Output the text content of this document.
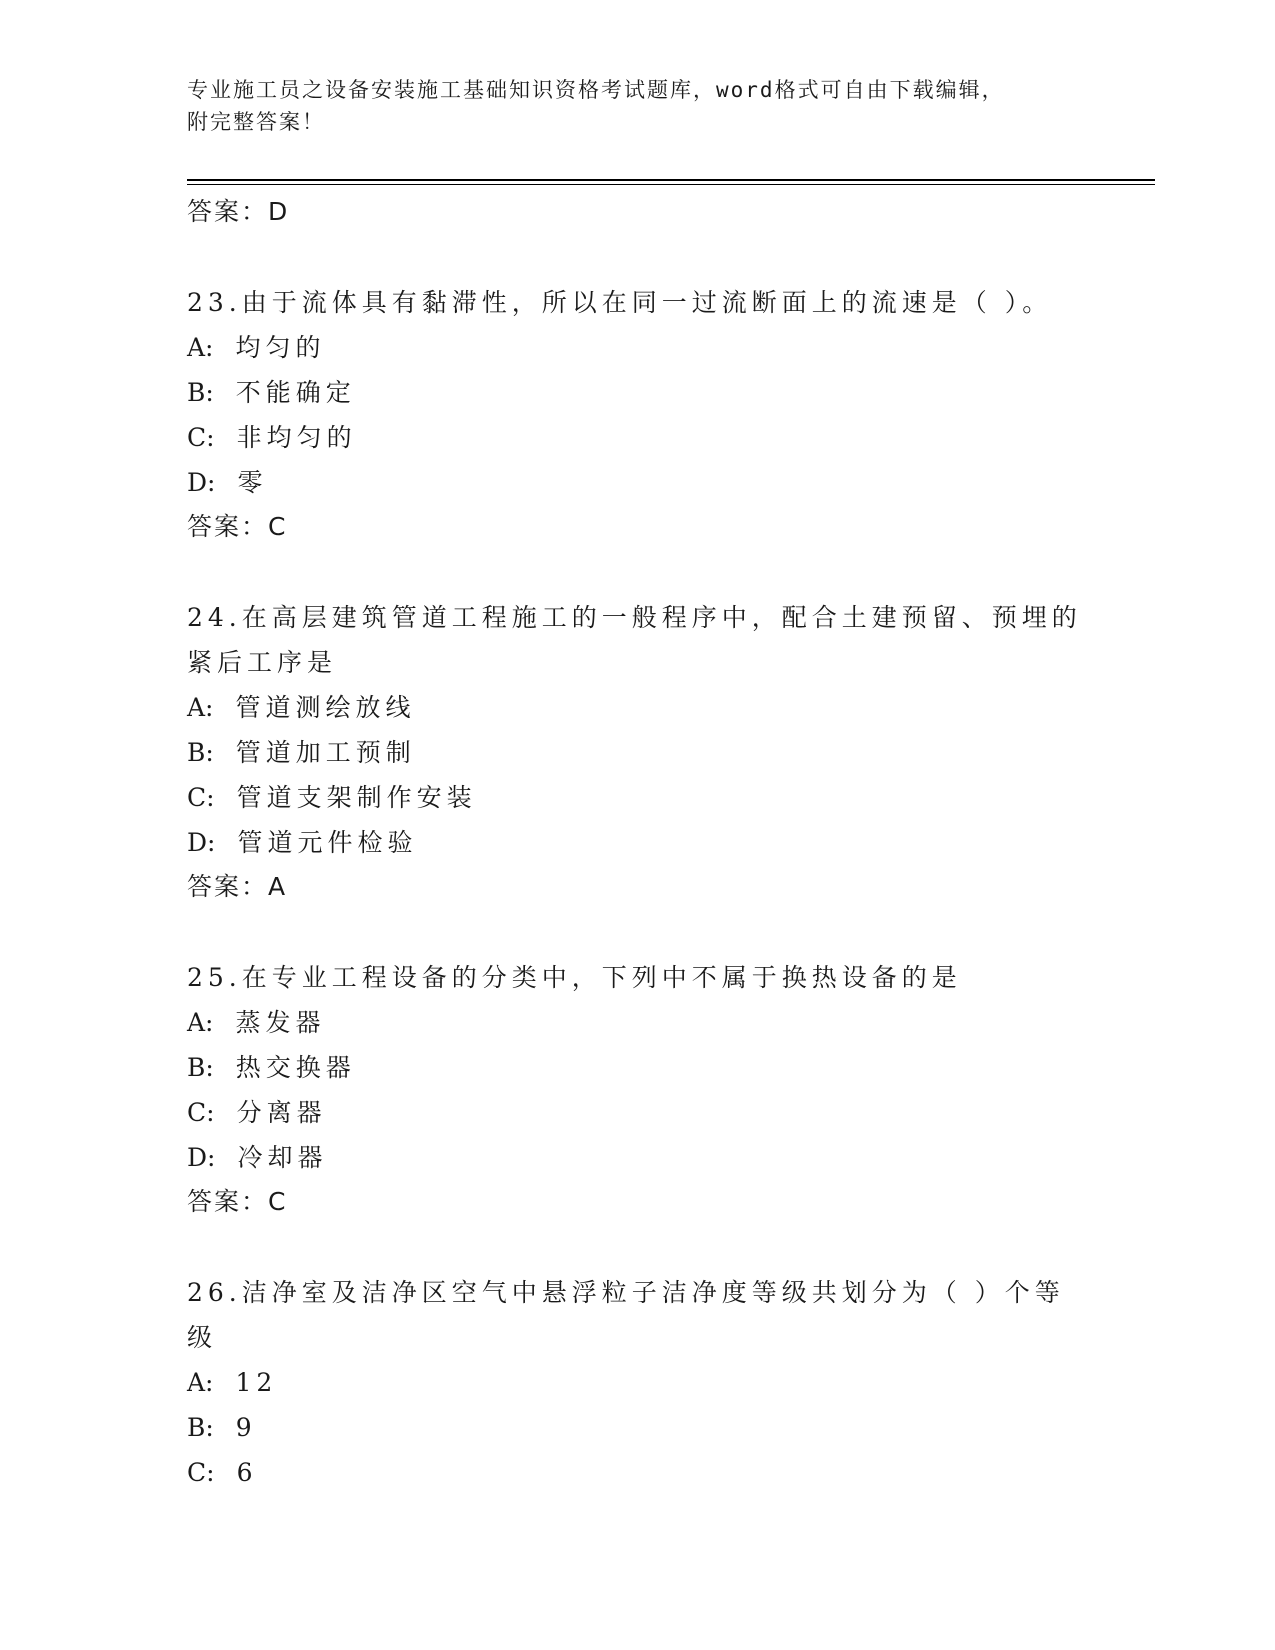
专业施工员之设备安装施工基础知识资格考试题库，word格式可自由下载编辑，
附完整答案！
答案：D
23.由于流体具有黏滞性，所以在同一过流断面上的流速是（ ）。
A: 均匀的
B: 不能确定
C: 非均匀的
D: 零
答案：C
24.在高层建筑管道工程施工的一般程序中，配合土建预留、预埋的紧后工序是
A: 管道测绘放线
B: 管道加工预制
C: 管道支架制作安装
D: 管道元件检验
答案：A
25.在专业工程设备的分类中，下列中不属于换热设备的是
A: 蒸发器
B: 热交换器
C: 分离器
D: 冷却器
答案：C
26.洁净室及洁净区空气中悬浮粒子洁净度等级共划分为（ ）个等级
A: 12
B: 9
C: 6
